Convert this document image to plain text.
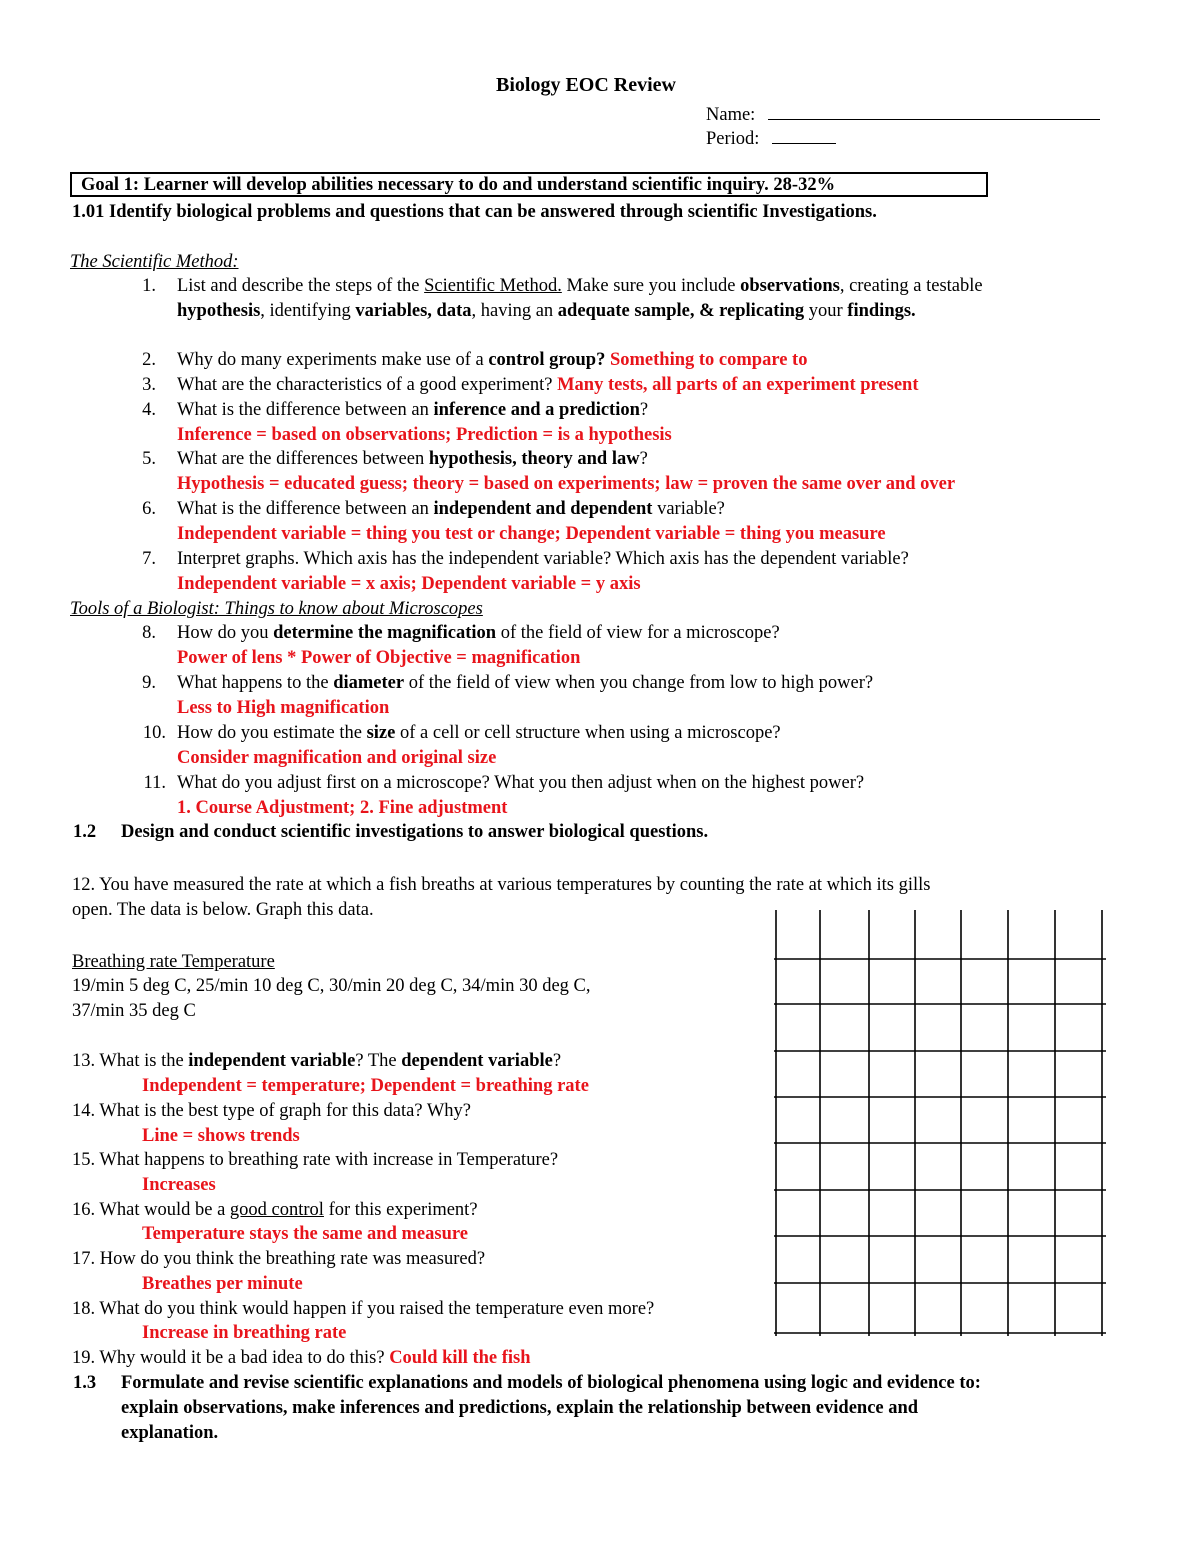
Biology EOC Review
Name:
Period:
Goal 1: Learner will develop abilities necessary to do and understand scientific inquiry. 28-32%
1.01 Identify biological problems and questions that can be answered through scientific Investigations.
The Scientific Method:
1. List and describe the steps of the Scientific Method. Make sure you include observations, creating a testable
hypothesis, identifying variables, data, having an adequate sample, & replicating your findings.
2. Why do many experiments make use of a control group? Something to compare to
3. What are the characteristics of a good experiment? Many tests, all parts of an experiment present
4. What is the difference between an inference and a prediction?
Inference = based on observations; Prediction = is a hypothesis
5. What are the differences between hypothesis, theory and law?
Hypothesis = educated guess; theory = based on experiments; law = proven the same over and over
6. What is the difference between an independent and dependent variable?
Independent variable = thing you test or change; Dependent variable = thing you measure
7. Interpret graphs. Which axis has the independent variable? Which axis has the dependent variable?
Independent variable = x axis; Dependent variable = y axis
Tools of a Biologist: Things to know about Microscopes
8. How do you determine the magnification of the field of view for a microscope?
Power of lens * Power of Objective = magnification
9. What happens to the diameter of the field of view when you change from low to high power?
Less to High magnification
10. How do you estimate the size of a cell or cell structure when using a microscope?
Consider magnification and original size
11. What do you adjust first on a microscope? What you then adjust when on the highest power?
1. Course Adjustment; 2. Fine adjustment
1.2 Design and conduct scientific investigations to answer biological questions.
12. You have measured the rate at which a fish breaths at various temperatures by counting the rate at which its gills
open. The data is below. Graph this data.
Breathing rate Temperature
19/min 5 deg C, 25/min 10 deg C, 30/min 20 deg C, 34/min 30 deg C,
37/min 35 deg C
13. What is the independent variable? The dependent variable?
Independent = temperature; Dependent = breathing rate
14. What is the best type of graph for this data? Why?
Line = shows trends
15. What happens to breathing rate with increase in Temperature?
Increases
16. What would be a good control for this experiment?
Temperature stays the same and measure
17. How do you think the breathing rate was measured?
Breathes per minute
18. What do you think would happen if you raised the temperature even more?
Increase in breathing rate
19. Why would it be a bad idea to do this? Could kill the fish
1.3 Formulate and revise scientific explanations and models of biological phenomena using logic and evidence to:
explain observations, make inferences and predictions, explain the relationship between evidence and
explanation.
